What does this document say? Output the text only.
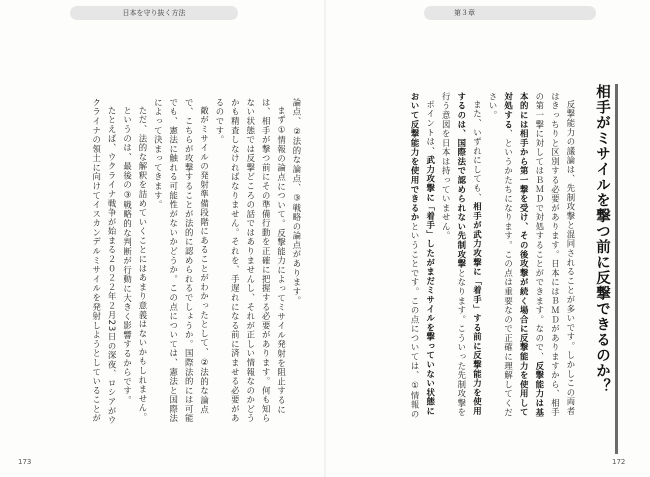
日本を守り抜く方法	第３章
相手がミサイルを撃つ前に反撃できるのか？

反撃能力の議論は、先制攻撃と混同されることが多いです。しかしこの両者はきっちりと区別する必要があります。日本にはＢＭＤがありますから、相手の第一撃に対してはＢＭＤで対処することができます。なので、反撃能力は基本的には相手から第一撃を受け、その後攻撃が続く場合に反撃能力を使用して対処する、というかたちになります。この点は重要なので正確に理解してください。

また、いずれにしても、相手が武力攻撃に「着手」する前に反撃能力を使用するのは、国際法で認められない先制攻撃となります。こういった先制攻撃を行う意図を日本は持っていません。

ポイントは、武力攻撃に「着手」したがまだミサイルを撃っていない状態において反撃能力を使用できるかということです。この点については、①情報の

論点、②法的な論点、③戦略の論点があります。

まず①情報の論点について。反撃能力によってミサイル発射を阻止するには、相手が撃つ前にその準備行動を正確に把握する必要があります。何も知らない状態では反撃どころの話ではありませんし、それが正しい情報なのかどうかも精査しなければなりません。それを、手遅れになる前に済ませる必要があるのです。

敵がミサイルの発射準備段階にあることがわかったとして、②法的な論点で、こちらが攻撃することが法的に認められるでしょうか。国際法的には可能でも、憲法に触れる可能性がないかどうか。この点については、憲法と国際法によって決まってきます。

ただ、法的な解釈を詰めていくことにはあまり意義はないかもしれません。

というのは、最後の③戦略的な判断が行動に大きく影響するからです。

たとえば、ウクライナ戦争が始まる２０２２年２月23日の深夜、ロシアがウクライナの領土に向けてイスカンデルミサイルを発射しようとしていることが

173	172
